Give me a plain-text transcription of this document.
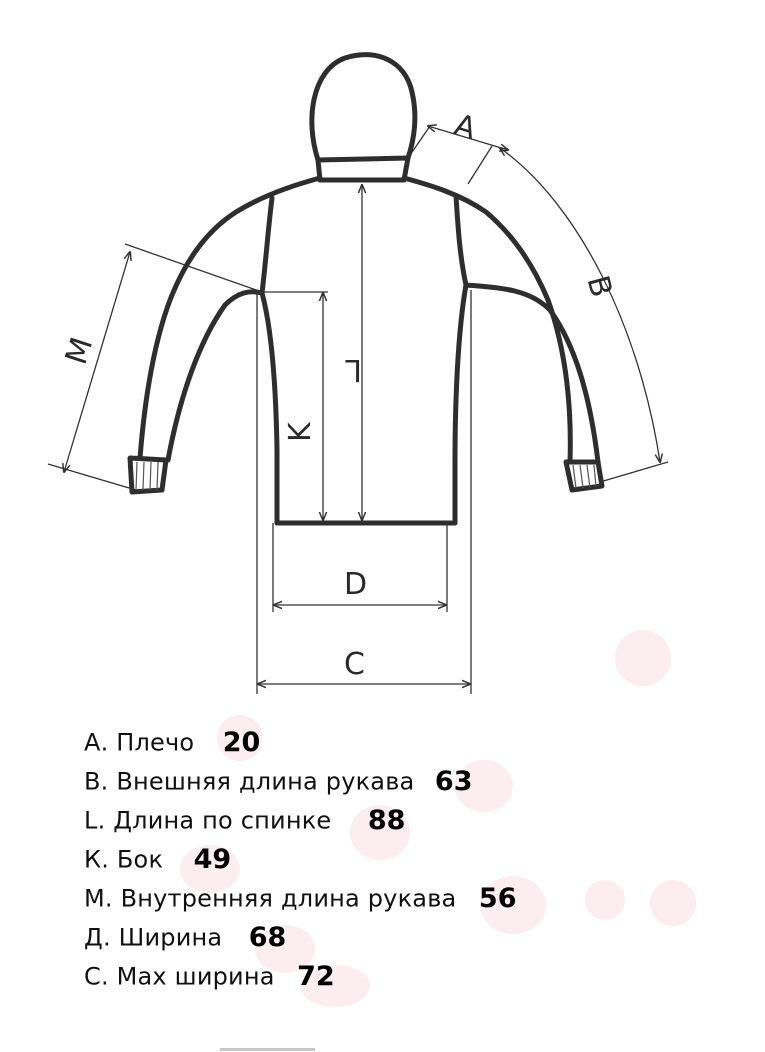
A
B
M
L
K
D
C
А. Плечо 20
В. Внешняя длина рукава 63
L. Длина по спинке 88
К. Бок 49
М. Внутренняя длина рукава 56
Д. Ширина 68
С. Мах ширина 72
